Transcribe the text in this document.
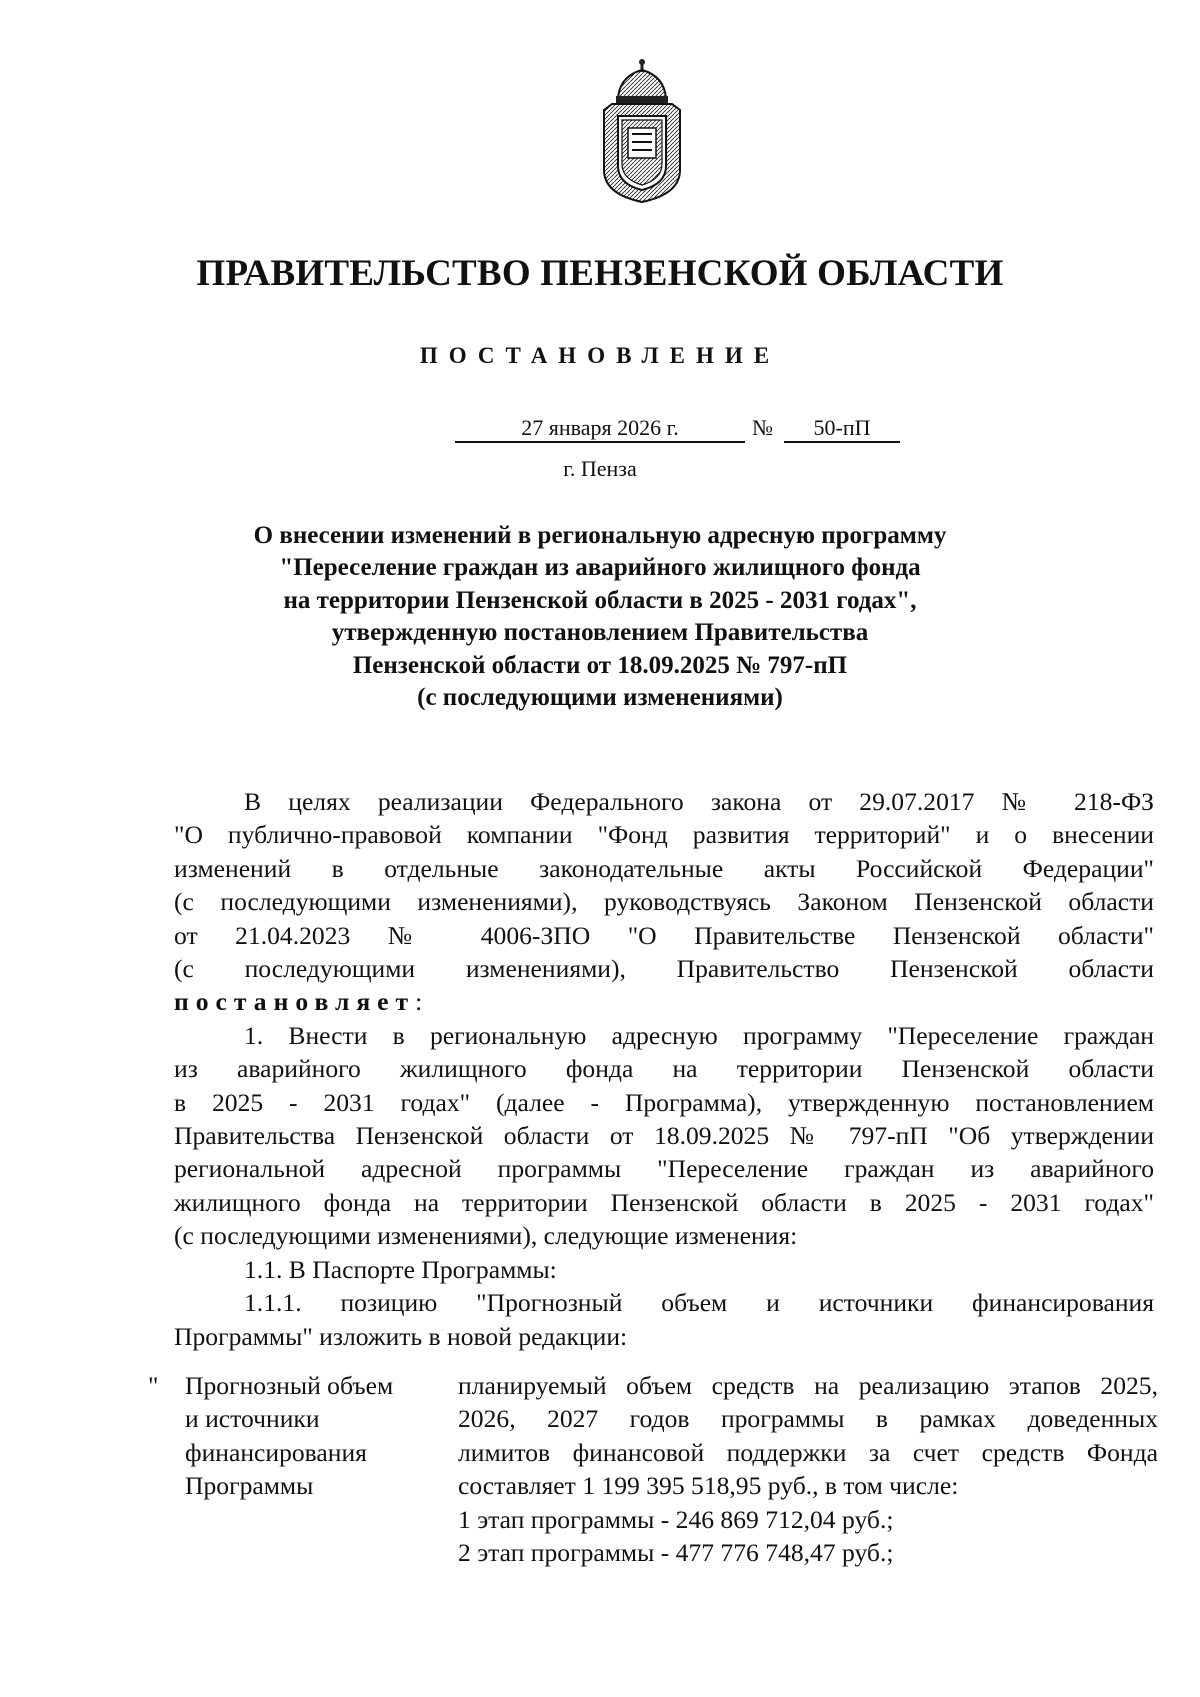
ПРАВИТЕЛЬСТВО ПЕНЗЕНСКОЙ ОБЛАСТИ
ПОСТАНОВЛЕНИЕ
27 января 2026 г.	№	50-пП
г. Пенза
О внесении изменений в региональную адресную программу
"Переселение граждан из аварийного жилищного фонда
на территории Пензенской области в 2025 - 2031 годах",
утвержденную постановлением Правительства
Пензенской области от 18.09.2025 № 797-пП
(с последующими изменениями)
В целях реализации Федерального закона от 29.07.2017 № 218-ФЗ
"О публично-правовой компании "Фонд развития территорий" и о внесении
изменений в отдельные законодательные акты Российской Федерации"
(с последующими изменениями), руководствуясь Законом Пензенской области
от 21.04.2023 № 4006-ЗПО "О Правительстве Пензенской области"
(с последующими изменениями), Правительство Пензенской области
постановляет:
1. Внести в региональную адресную программу "Переселение граждан
из аварийного жилищного фонда на территории Пензенской области
в 2025 - 2031 годах" (далее - Программа), утвержденную постановлением
Правительства Пензенской области от 18.09.2025 № 797-пП "Об утверждении
региональной адресной программы "Переселение граждан из аварийного
жилищного фонда на территории Пензенской области в 2025 - 2031 годах"
(с последующими изменениями), следующие изменения:
1.1. В Паспорте Программы:
1.1.1. позицию "Прогнозный объем и источники финансирования
Программы" изложить в новой редакции:
" Прогнозный объем
и источники
финансирования
Программы
планируемый объем средств на реализацию этапов 2025,
2026, 2027 годов программы в рамках доведенных
лимитов финансовой поддержки за счет средств Фонда
составляет 1 199 395 518,95 руб., в том числе:
1 этап программы - 246 869 712,04 руб.;
2 этап программы - 477 776 748,47 руб.;
